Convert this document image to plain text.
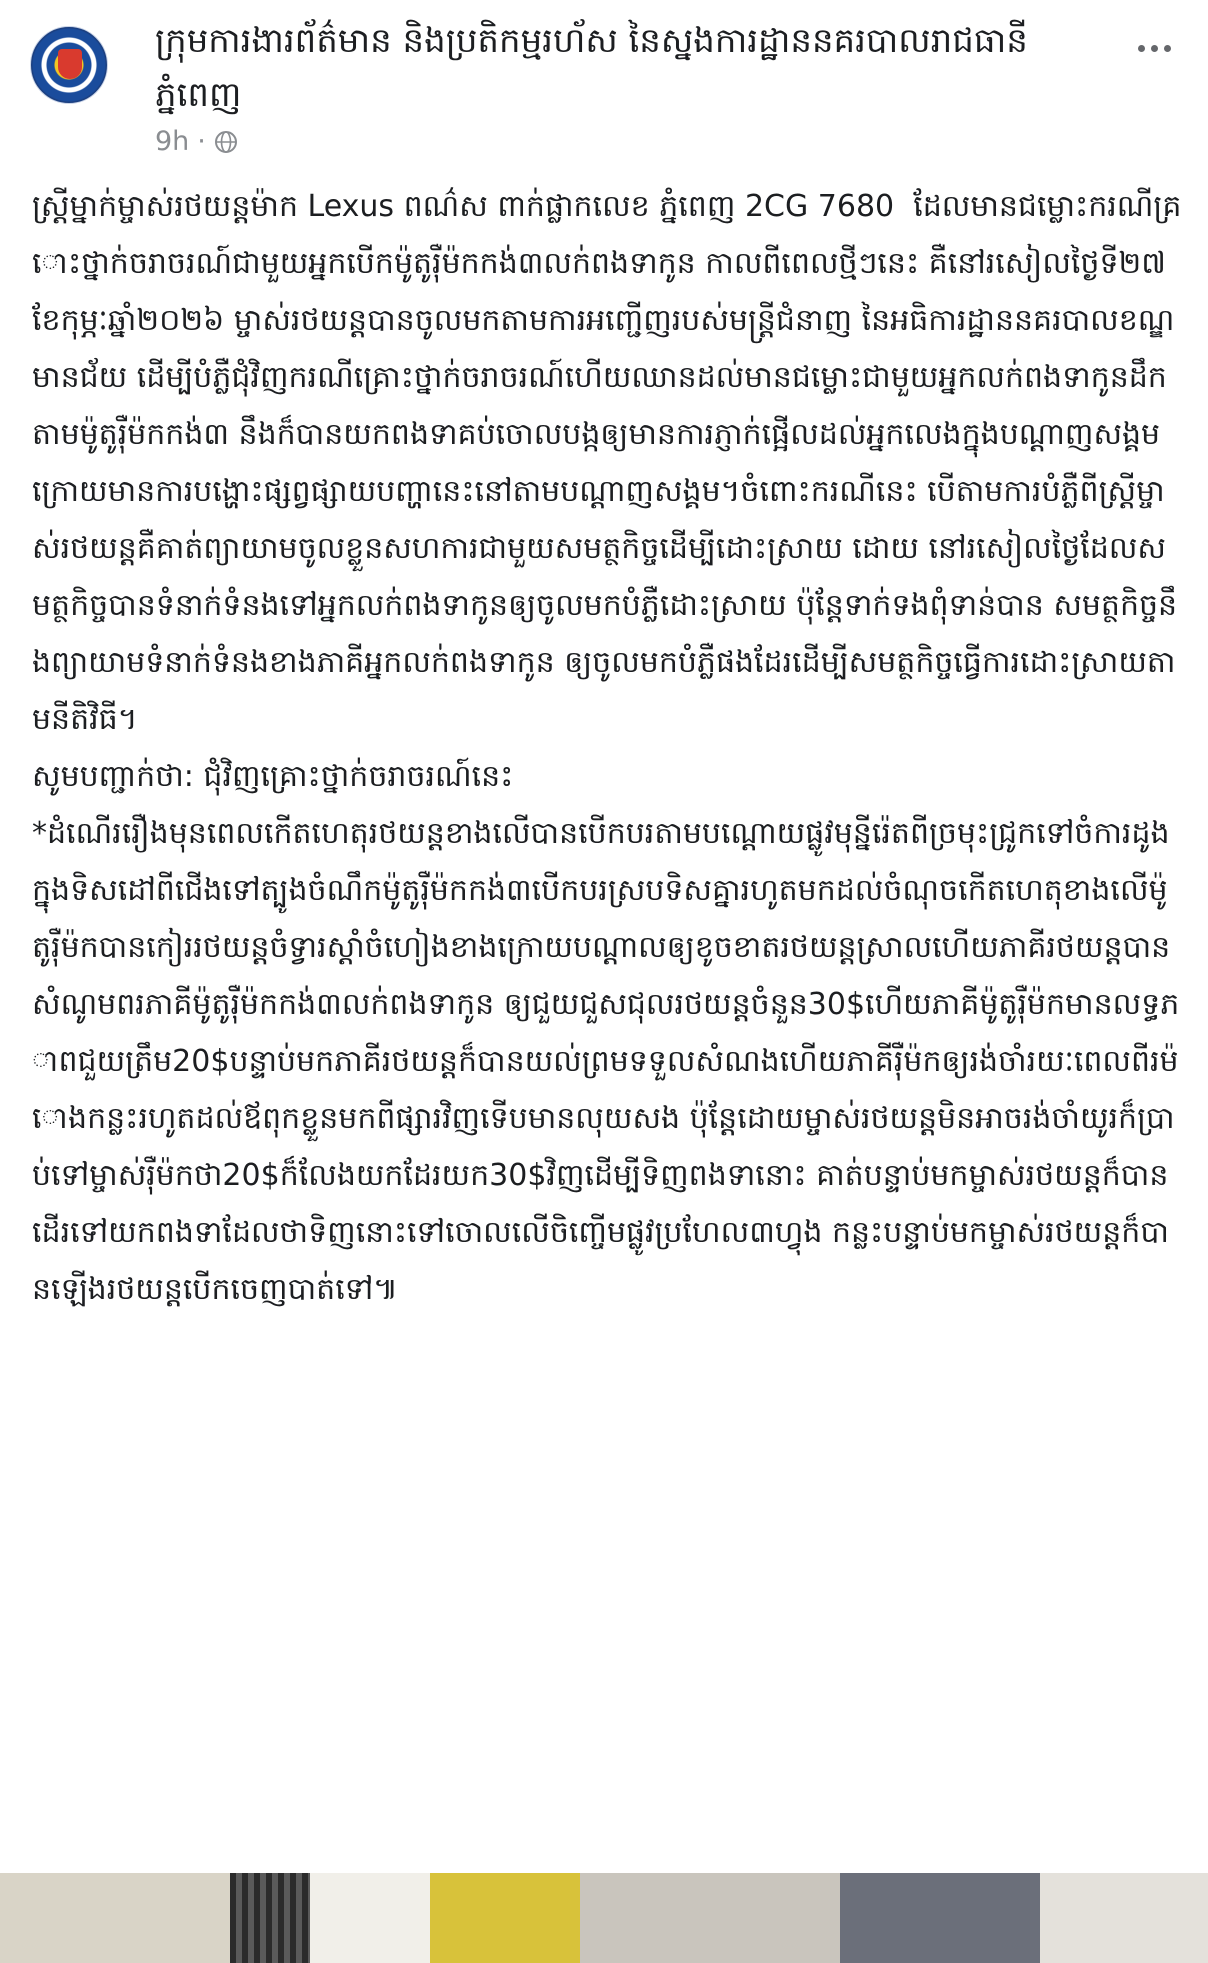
ក្រុមការងារព័ត៌មាន និងប្រតិកម្មរហ័ស នៃស្នងការដ្ឋាននគរបាលរាជធានីភ្នំពេញ
9h ·

ស្រ្តីម្នាក់ម្ចាស់រថយន្តម៉ាក Lexus ពណ៌ស ពាក់ផ្លាកលេខ ភ្នំពេញ 2CG 7680  ដែលមានជម្លោះករណីគ្រោះថ្នាក់ចរាចរណ៍ជាមួយអ្នកបើកម៉ូតូរ៉ឺម៉កកង់៣លក់ពងទាកូន កាលពីពេលថ្មីៗនេះ គឺនៅរសៀលថ្ងៃទី២៧ខែកុម្ភៈឆ្នាំ២០២៦ ម្ចាស់រថយន្តបានចូលមកតាមការអញ្ជើញរបស់មន្រ្តីជំនាញ នៃអធិការដ្ឋាននគរបាលខណ្ឌមានជ័យ ដើម្បីបំភ្លឺជុំវិញករណីគ្រោះថ្នាក់ចរាចរណ៍ហើយឈានដល់មានជម្លោះជាមួយអ្នកលក់ពងទាកូនដឹកតាមម៉ូតូរ៉ឺម៉កកង់៣ នឹងក៏បានយកពងទាគប់ចោលបង្កឲ្យមានការភ្ញាក់ផ្អើលដល់អ្នកលេងក្នុងបណ្តាញសង្គម ក្រោយមានការបង្ហោះផ្សព្វផ្សាយបញ្ហានេះនៅតាមបណ្តាញសង្គម។ចំពោះករណីនេះ បើតាមការបំភ្លឺពីស្រ្តីម្ចាស់រថយន្តគឺគាត់ព្យាយាមចូលខ្លួនសហការជាមួយសមត្ថកិច្ចដើម្បីដោះស្រាយ ដោយ នៅរសៀលថ្ងៃដែលសមត្ថកិច្ចបានទំនាក់ទំនងទៅអ្នកលក់ពងទាកូនឲ្យចូលមកបំភ្លឺដោះស្រាយ ប៉ុន្តែទាក់ទងពុំទាន់បាន សមត្ថកិច្ចនឹងព្យាយាមទំនាក់ទំនងខាងភាគីអ្នកលក់ពងទាកូន ឲ្យចូលមកបំភ្លឺផងដែរដើម្បីសមត្ថកិច្ចធ្វើការដោះស្រាយតាមនីតិវិធី។

សូមបញ្ជាក់ថា: ជុំវិញគ្រោះថ្នាក់ចរាចរណ៍នេះ

*ដំណើររឿងមុនពេលកើតហេតុរថយន្តខាងលើបានបើកបរតាមបណ្តោយផ្លូវមុន្នីរ៉េតពីច្រមុះជ្រូកទៅចំការដូងក្នុងទិសដៅពីជើងទៅត្បូងចំណឹកម៉ូតូរ៉ឺម៉កកង់៣បើកបរស្របទិសគ្នារហូតមកដល់ចំណុចកើតហេតុខាងលើម៉ូតូរ៉ឺម៉កបានកៀររថយន្តចំទ្វារស្តាំចំហៀងខាងក្រោយបណ្តាលឲ្យខូចខាតរថយន្តស្រាលហើយភាគីរថយន្តបានសំណូមពរភាគីម៉ូតូរ៉ឺម៉កកង់៣លក់ពងទាកូន ឲ្យជួយជួសជុលរថយន្តចំនួន30$ហើយភាគីម៉ូតូរ៉ឺម៉កមានលទ្ធភាពជួយត្រឹម20$បន្ទាប់មកភាគីរថយន្តក៏បានយល់ព្រមទទួលសំណងហើយភាគីរ៉ឺម៉កឲ្យរង់ចាំរយៈពេលពីរម៉ោងកន្លះរហូតដល់ឪពុកខ្លួនមកពីផ្សារវិញទើបមានលុយសង ប៉ុន្តែដោយម្ចាស់រថយន្តមិនអាចរង់ចាំយូរក៏ប្រាប់ទៅម្ចាស់រ៉ឺម៉កថា20$ក៏លែងយកដែរយក30$វិញដើម្បីទិញពងទានោះ គាត់បន្ទាប់មកម្ចាស់រថយន្តក៏បានដើរទៅយកពងទាដែលថាទិញនោះទៅចោលលើចិញ្ចើមផ្លូវប្រហែល៣ហ្វុង កន្លះបន្ទាប់មកម្ចាស់រថយន្តក៏បានឡើងរថយន្តបើកចេញបាត់ទៅ៕
